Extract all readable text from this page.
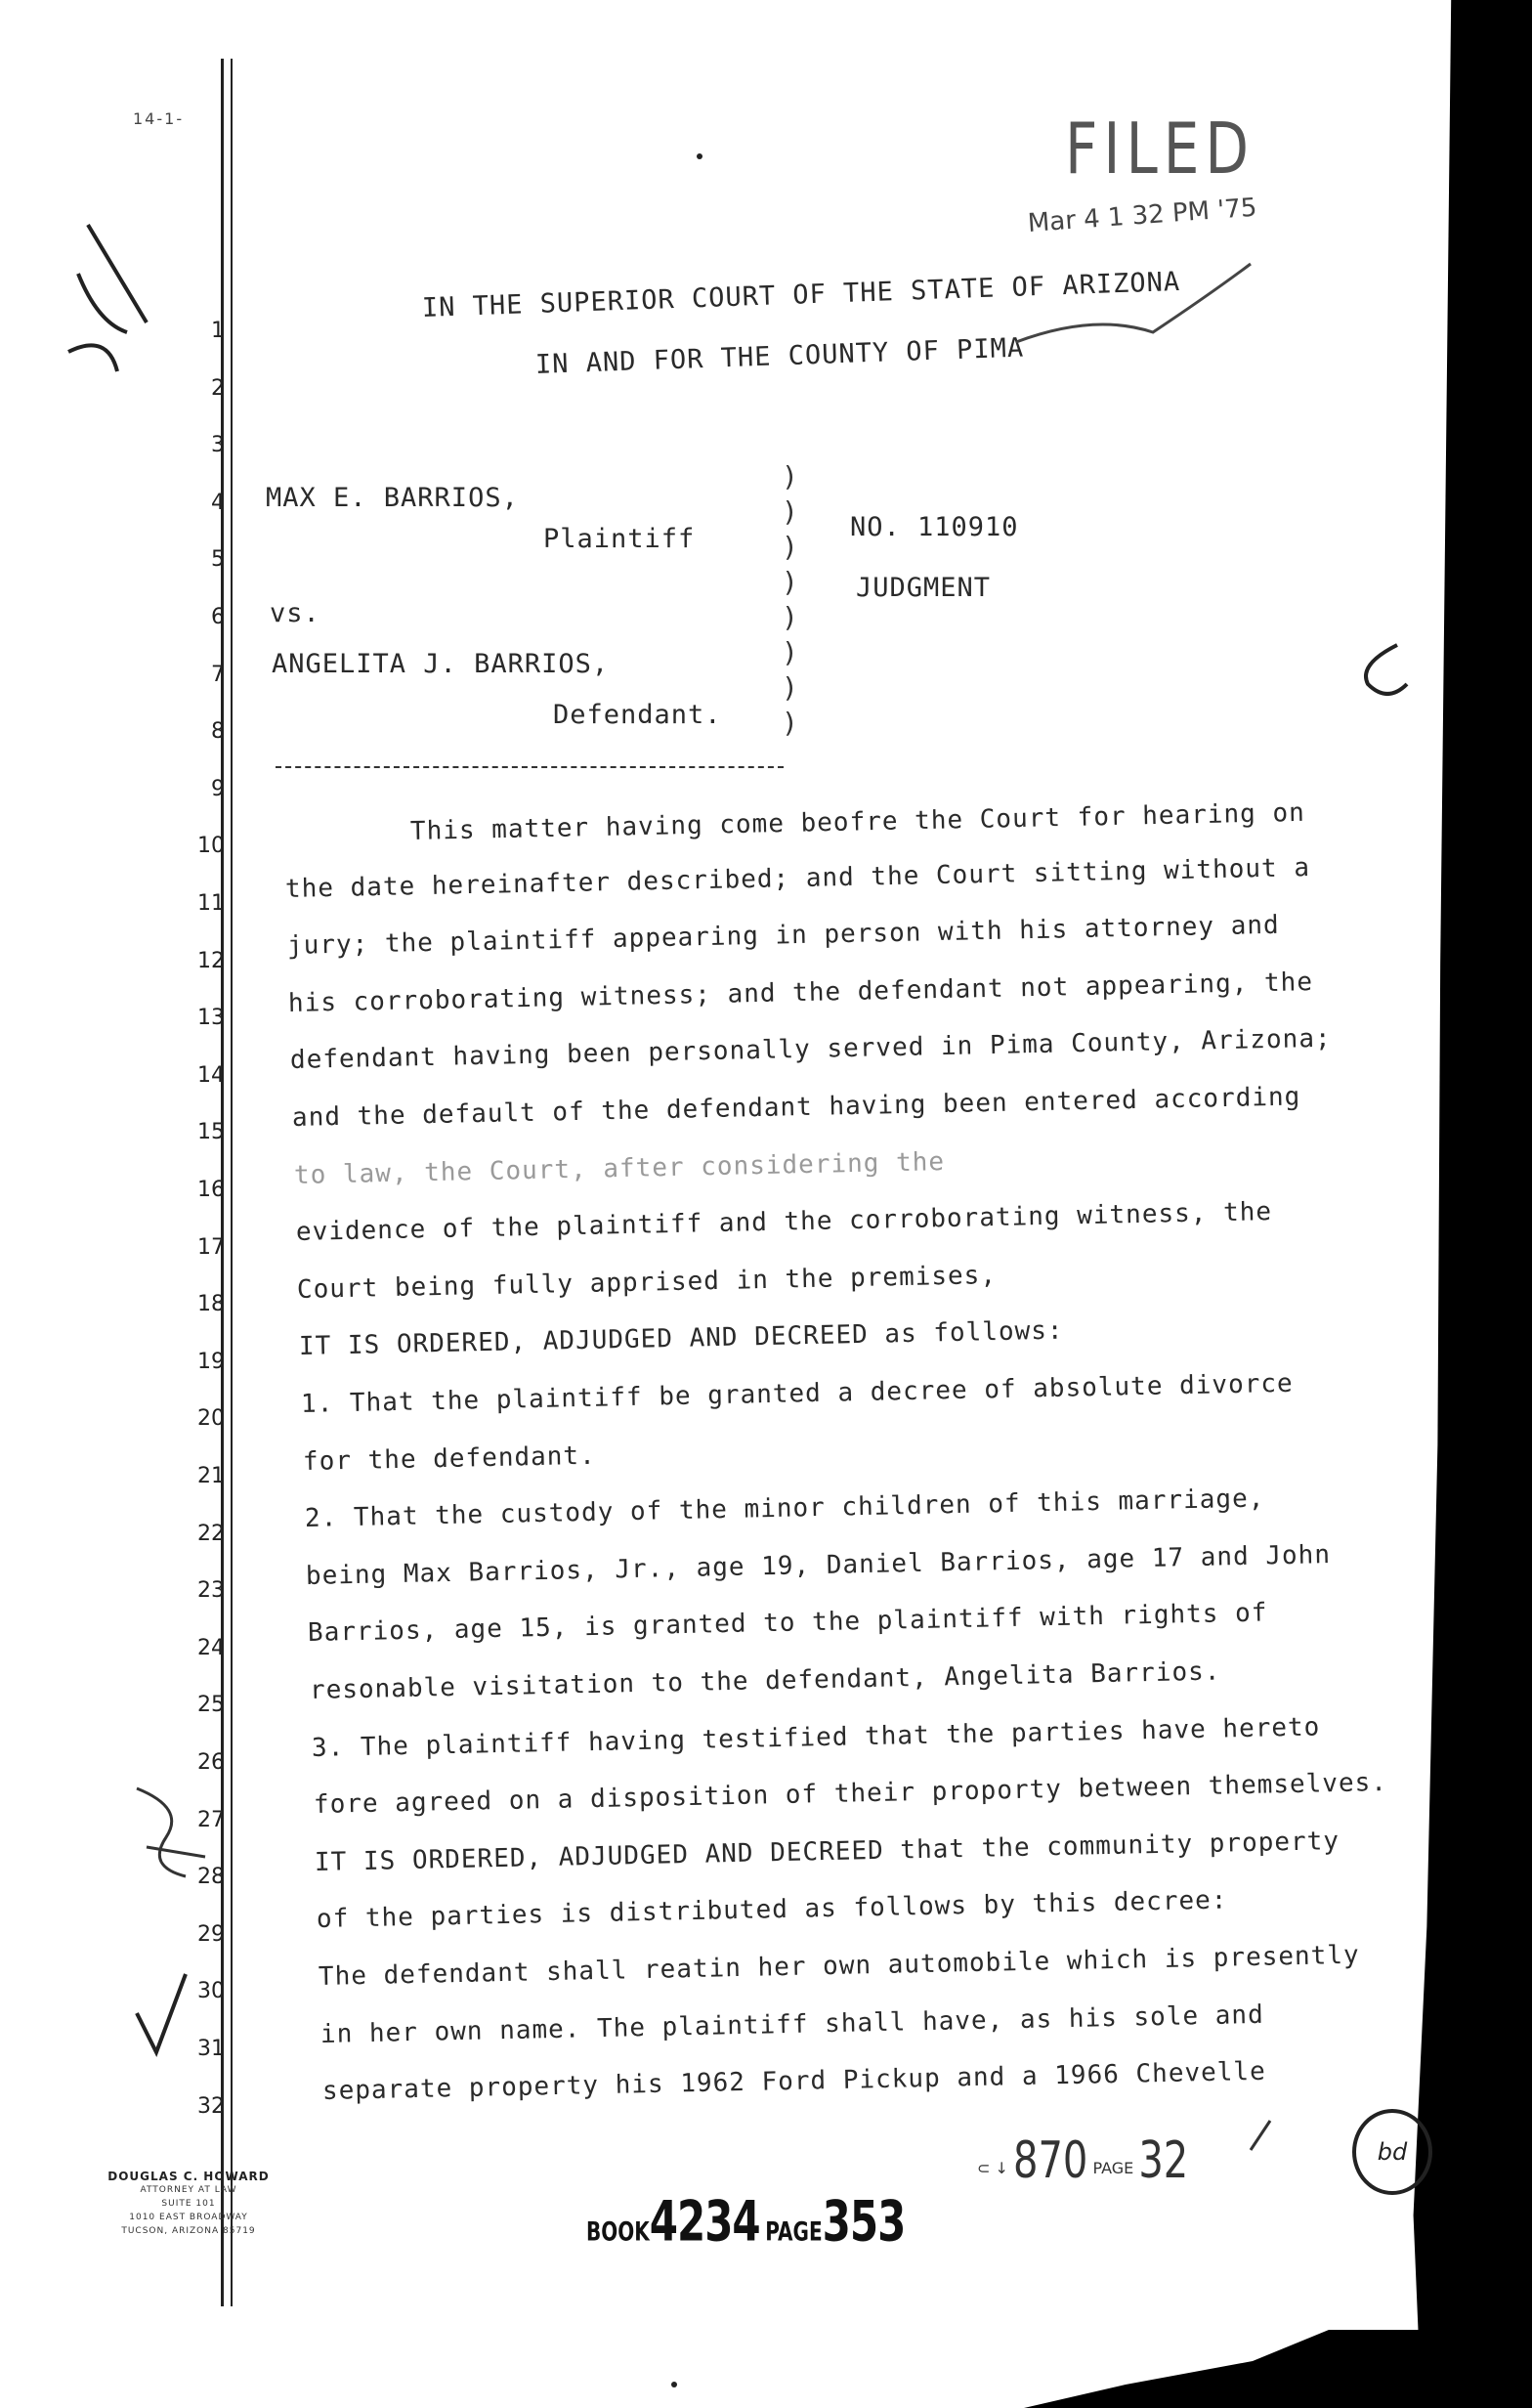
14-1-	FILED
Mar 4 1 32 PM '75
IN THE SUPERIOR COURT OF THE STATE OF ARIZONA
IN AND FOR THE COUNTY OF PIMA
MAX E. BARRIOS,
Plaintiff
vs.
ANGELITA J. BARRIOS,
Defendant.
)
)
)
)
)
)
)
)
NO. 110910
JUDGMENT
1
2
3
4
5
6
7
8
9
10
11
12
13
14
15
16
17
18
19
20
21
22
23
24
25
26
27
28
29
30
31
32
This matter having come beofre the Court for hearing on
the date hereinafter described; and the Court sitting without a
jury; the plaintiff appearing in person with his attorney and
his corroborating witness; and the defendant not appearing, the
defendant having been personally served in Pima County, Arizona;
and the default of the defendant having been entered according
to law, the Court, after considering the
evidence of the plaintiff and the corroborating witness, the
Court being fully apprised in the premises,
IT IS ORDERED, ADJUDGED AND DECREED as follows:
1. That the plaintiff be granted a decree of absolute divorce
for the defendant.
2. That the custody of the minor children of this marriage,
being Max Barrios, Jr., age 19, Daniel Barrios, age 17 and John
Barrios, age 15, is granted to the plaintiff with rights of
resonable visitation to the defendant, Angelita Barrios.
3. The plaintiff having testified that the parties have hereto
fore agreed on a disposition of their proporty between themselves.
IT IS ORDERED, ADJUDGED AND DECREED that the community property
of the parties is distributed as follows by this decree:
The defendant shall reatin her own automobile which is presently
in her own name. The plaintiff shall have, as his sole and
separate property his 1962 Ford Pickup and a 1966 Chevelle
⊂ ↓ 870 PAGE 32	bd
BOOK4234 PAGE353
DOUGLAS C. HOWARD
ATTORNEY AT LAW
SUITE 101
1010 EAST BROADWAY
TUCSON, ARIZONA 85719
